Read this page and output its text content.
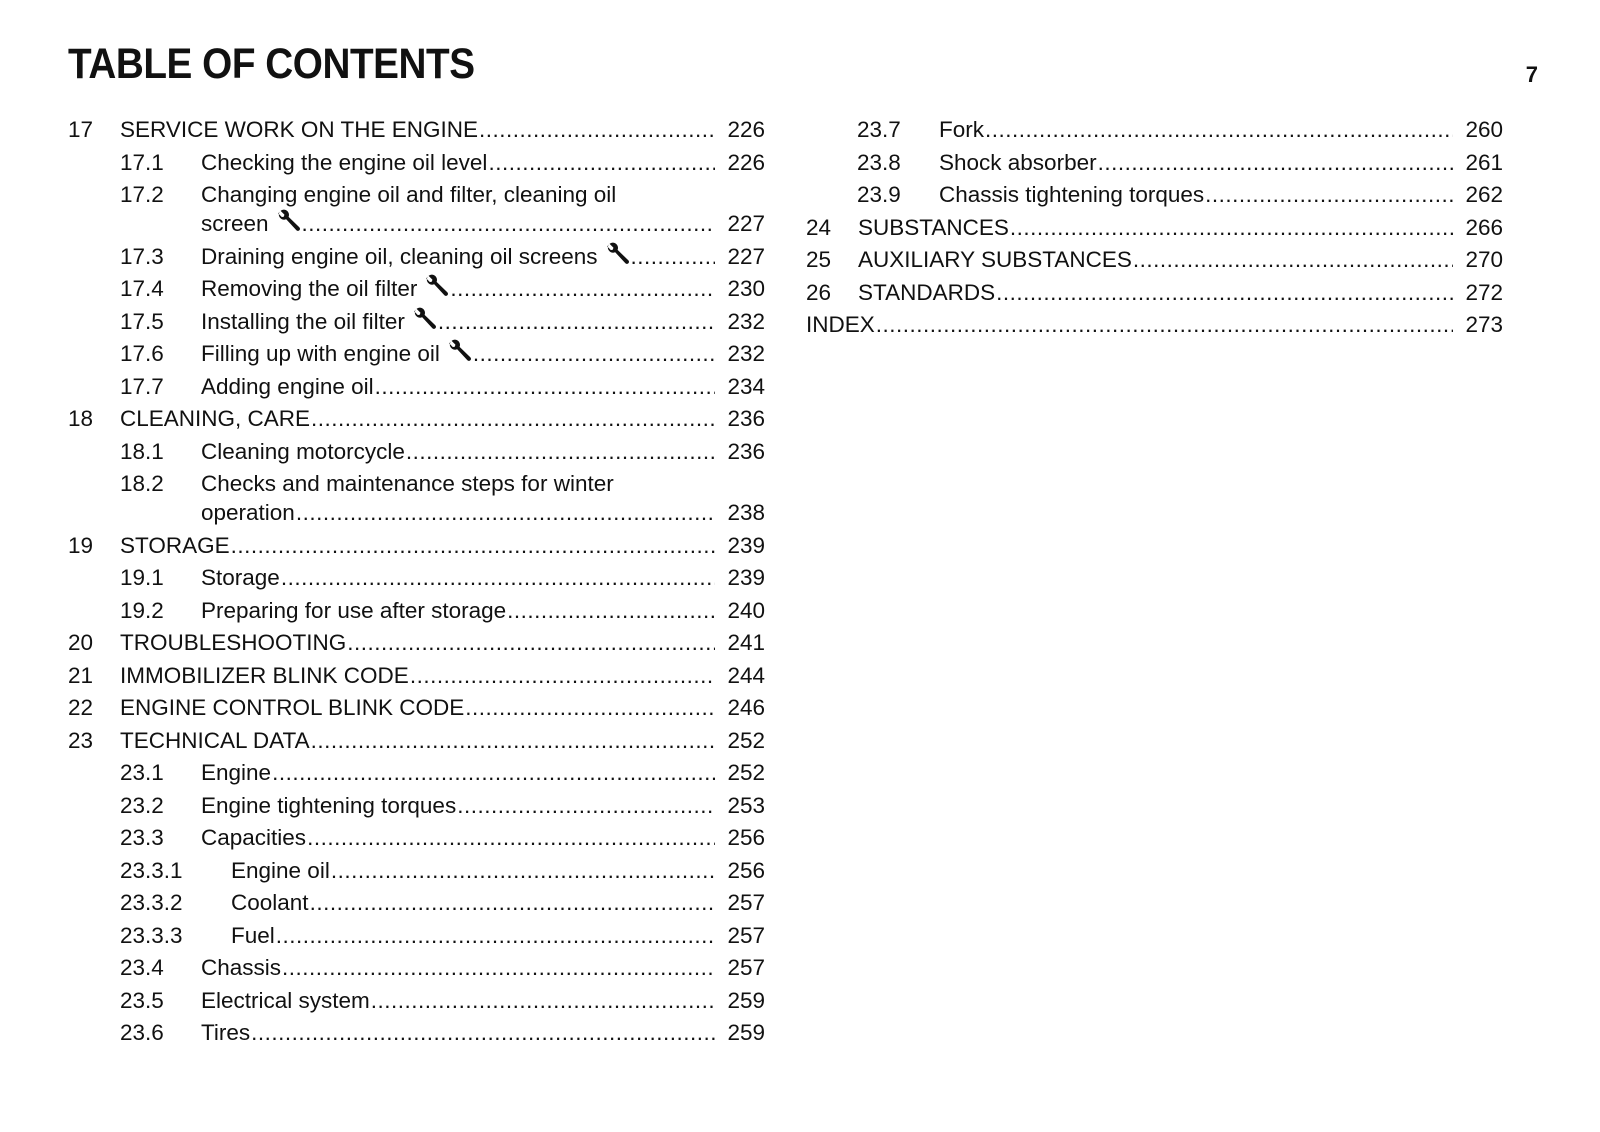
TABLE OF CONTENTS	7
17	SERVICE WORK ON THE ENGINE .....	226
17.1	Checking the engine oil level .....	226
17.2	Changing engine oil and filter, cleaning oil
screen .....	227
17.3	Draining engine oil, cleaning oil screens .....	227
17.4	Removing the oil filter .....	230
17.5	Installing the oil filter .....	232
17.6	Filling up with engine oil .....	232
17.7	Adding engine oil .....	234
18	CLEANING, CARE .....	236
18.1	Cleaning motorcycle .....	236
18.2	Checks and maintenance steps for winter
operation .....	238
19	STORAGE .....	239
19.1	Storage .....	239
19.2	Preparing for use after storage .....	240
20	TROUBLESHOOTING .....	241
21	IMMOBILIZER BLINK CODE .....	244
22	ENGINE CONTROL BLINK CODE .....	246
23	TECHNICAL DATA .....	252
23.1	Engine .....	252
23.2	Engine tightening torques .....	253
23.3	Capacities .....	256
23.3.1	Engine oil .....	256
23.3.2	Coolant .....	257
23.3.3	Fuel .....	257
23.4	Chassis .....	257
23.5	Electrical system .....	259
23.6	Tires .....	259
23.7	Fork .....	260
23.8	Shock absorber .....	261
23.9	Chassis tightening torques .....	262
24	SUBSTANCES .....	266
25	AUXILIARY SUBSTANCES .....	270
26	STANDARDS .....	272
INDEX .....	273
